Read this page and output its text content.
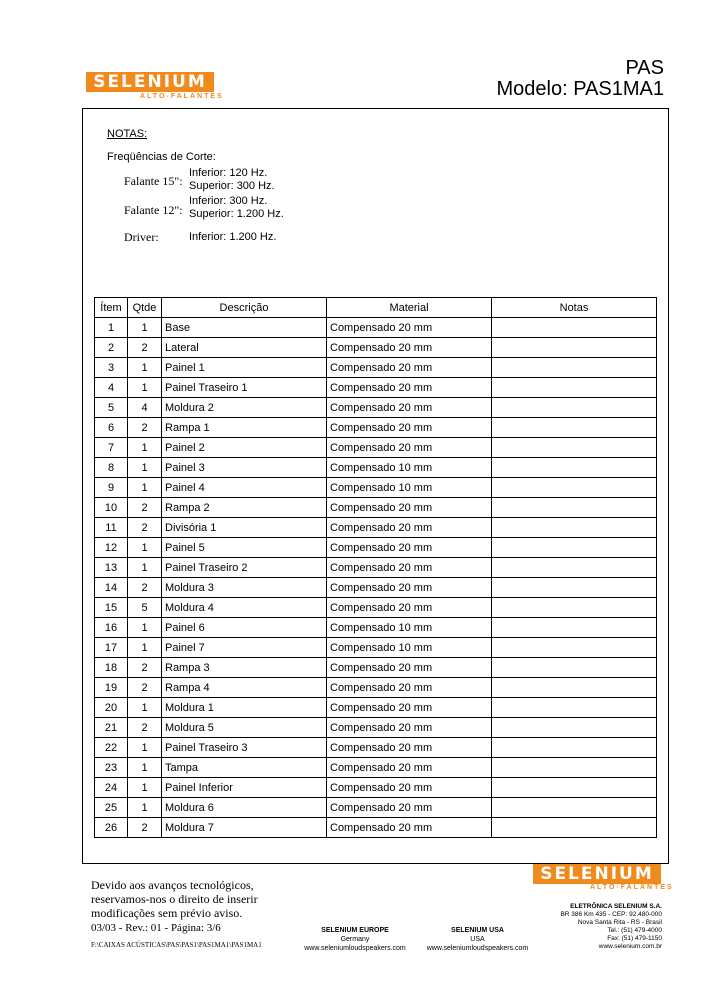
SELENIUM
ALTO-FALANTES
PAS
Modelo: PAS1MA1
NOTAS:
Freqüências de Corte:
Falante 15":
Inferior: 120 Hz.
Superior: 300 Hz.
Falante 12":
Inferior: 300 Hz.
Superior: 1.200 Hz.
Driver:	Inferior: 1.200 Hz.
Ítem	Qtde	Descrição	Material	Notas
1	1	Base	Compensado 20 mm	
2	2	Lateral	Compensado 20 mm	
3	1	Painel 1	Compensado 20 mm	
4	1	Painel Traseiro 1	Compensado 20 mm	
5	4	Moldura 2	Compensado 20 mm	
6	2	Rampa 1	Compensado 20 mm	
7	1	Painel 2	Compensado 20 mm	
8	1	Painel 3	Compensado 10 mm	
9	1	Painel 4	Compensado 10 mm	
10	2	Rampa 2	Compensado 20 mm	
11	2	Divisória 1	Compensado 20 mm	
12	1	Painel 5	Compensado 20 mm	
13	1	Painel Traseiro 2	Compensado 20 mm	
14	2	Moldura 3	Compensado 20 mm	
15	5	Moldura 4	Compensado 20 mm	
16	1	Painel 6	Compensado 10 mm	
17	1	Painel 7	Compensado 10 mm	
18	2	Rampa 3	Compensado 20 mm	
19	2	Rampa 4	Compensado 20 mm	
20	1	Moldura 1	Compensado 20 mm	
21	2	Moldura 5	Compensado 20 mm	
22	1	Painel Traseiro 3	Compensado 20 mm	
23	1	Tampa	Compensado 20 mm	
24	1	Painel Inferior	Compensado 20 mm	
25	1	Moldura 6	Compensado 20 mm	
26	2	Moldura 7	Compensado 20 mm	
Devido aos avanços tecnológicos,
reservamos-nos o direito de inserir
modificações sem prévio aviso.
03/03 - Rev.: 01 - Página: 3/6
F:\CAIXAS ACÚSTICAS\PAS\PAS1\PAS1MA1\PAS1MA1
SELENIUM EUROPE
Germany
www.seleniumloudspeakers.com
SELENIUM USA
USA
www.seleniumloudspeakers.com
SELENIUM
ALTO-FALANTES
ELETRÔNICA SELENIUM S.A.
BR 386 Km 435 - CEP: 92.480-000
Nova Santa Rita - RS - Brasil
Tel.: (51) 479-4000
Fax: (51) 479-1150
www.selenium.com.br
